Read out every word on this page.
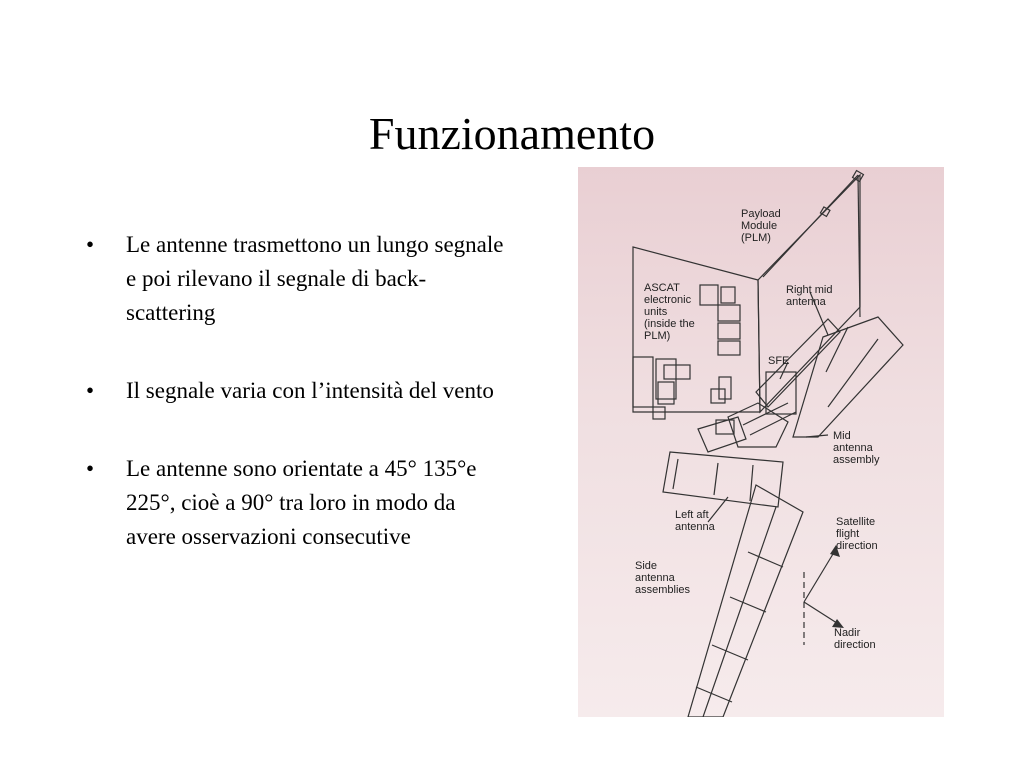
Funzionamento
• Le antenne trasmettono un lungo segnale e poi rilevano il segnale di back-scattering
• Il segnale varia con l’intensità del vento
• Le antenne sono orientate a 45° 135°e 225°, cioè a 90° tra loro in modo da avere osservazioni consecutive
Payload
Module
(PLM)
ASCAT
electronic
units
(inside the
PLM)
Right mid
antenna
SFE
Mid
antenna
assembly
Left aft
antenna	Satellite
flight
direction
Side
antenna
assemblies
Nadir
direction
